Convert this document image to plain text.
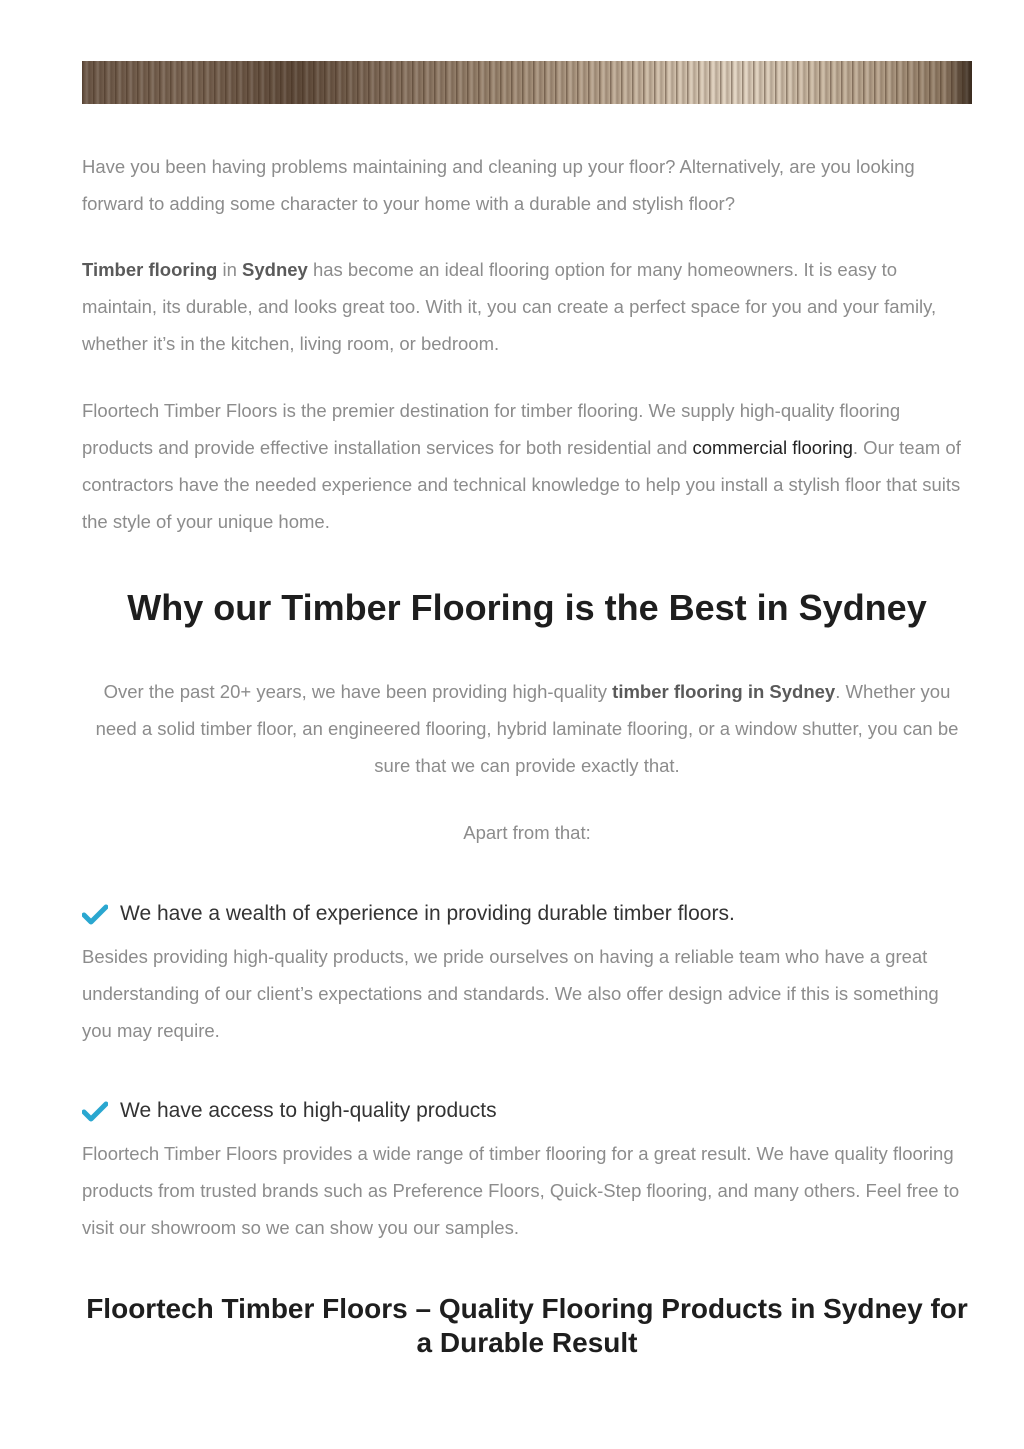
Have you been having problems maintaining and cleaning up your floor? Alternatively, are you looking forward to adding some character to your home with a durable and stylish floor?

Timber flooring in Sydney has become an ideal flooring option for many homeowners. It is easy to maintain, its durable, and looks great too. With it, you can create a perfect space for you and your family, whether it’s in the kitchen, living room, or bedroom.

Floortech Timber Floors is the premier destination for timber flooring. We supply high-quality flooring products and provide effective installation services for both residential and commercial flooring. Our team of contractors have the needed experience and technical knowledge to help you install a stylish floor that suits the style of your unique home.

Why our Timber Flooring is the Best in Sydney

Over the past 20+ years, we have been providing high-quality timber flooring in Sydney. Whether you need a solid timber floor, an engineered flooring, hybrid laminate flooring, or a window shutter, you can be sure that we can provide exactly that.

Apart from that:

We have a wealth of experience in providing durable timber floors.

Besides providing high-quality products, we pride ourselves on having a reliable team who have a great understanding of our client’s expectations and standards. We also offer design advice if this is something you may require.

We have access to high-quality products

Floortech Timber Floors provides a wide range of timber flooring for a great result. We have quality flooring products from trusted brands such as Preference Floors, Quick-Step flooring, and many others. Feel free to visit our showroom so we can show you our samples.

Floortech Timber Floors – Quality Flooring Products in Sydney for a Durable Result
